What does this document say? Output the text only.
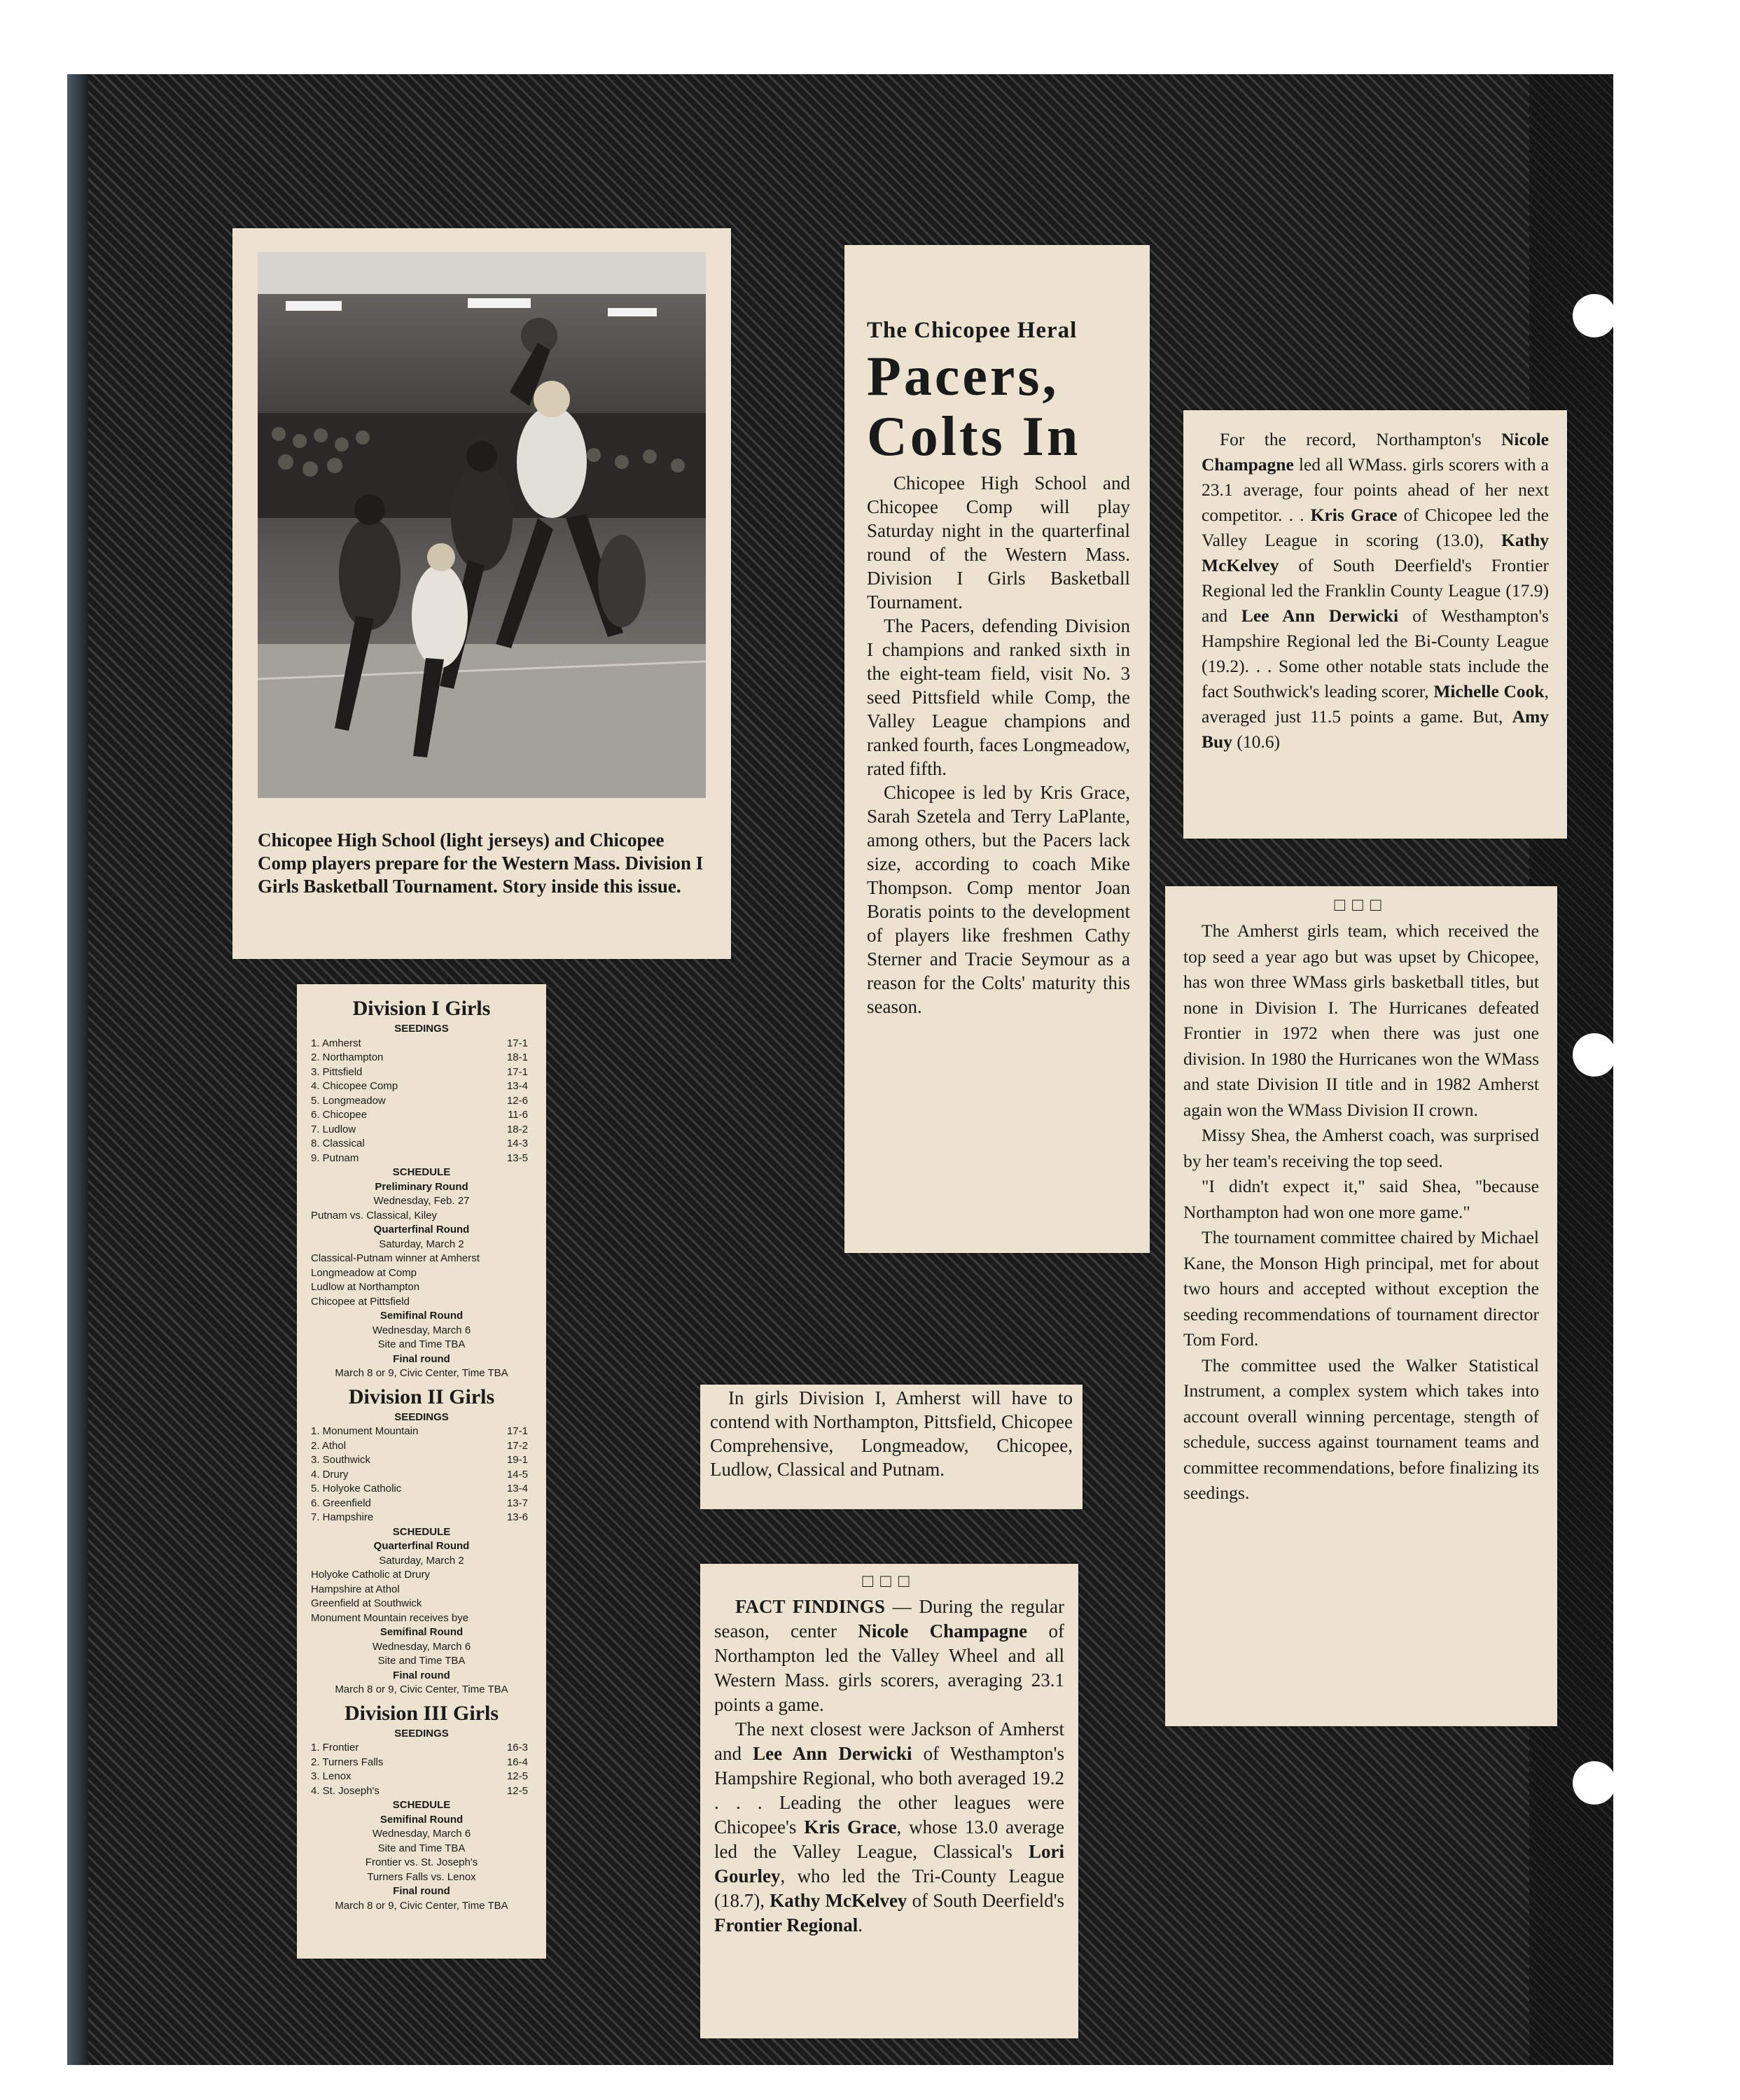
Chicopee High School (light jerseys) and Chicopee Comp players prepare for the Western Mass. Division I Girls Basketball Tournament. Story inside this issue.
The Chicopee Heral
Pacers,
Colts In

Chicopee High School and Chicopee Comp will play Saturday night in the quarterfinal round of the Western Mass. Division I Girls Basketball Tournament.

The Pacers, defending Division I champions and ranked sixth in the eight-team field, visit No. 3 seed Pittsfield while Comp, the Valley League champions and ranked fourth, faces Longmeadow, rated fifth.

Chicopee is led by Kris Grace, Sarah Szetela and Terry LaPlante, among others, but the Pacers lack size, according to coach Mike Thompson. Comp mentor Joan Boratis points to the development of players like freshmen Cathy Sterner and Tracie Seymour as a reason for the Colts' maturity this season.

For the record, Northampton's Nicole Champagne led all WMass. girls scorers with a 23.1 average, four points ahead of her next competitor. . . Kris Grace of Chicopee led the Valley League in scoring (13.0), Kathy McKelvey of South Deerfield's Frontier Regional led the Franklin County League (17.9) and Lee Ann Derwicki of Westhampton's Hampshire Regional led the Bi-County League (19.2). . . Some other notable stats include the fact Southwick's leading scorer, Michelle Cook, averaged just 11.5 points a game. But, Amy Buy (10.6)

□□□

The Amherst girls team, which received the top seed a year ago but was upset by Chicopee, has won three WMass girls basketball titles, but none in Division I. The Hurricanes defeated Frontier in 1972 when there was just one division. In 1980 the Hurricanes won the WMass and state Division II title and in 1982 Amherst again won the WMass Division II crown.

Missy Shea, the Amherst coach, was surprised by her team's receiving the top seed.

"I didn't expect it," said Shea, "because Northampton had won one more game."

The tournament committee chaired by Michael Kane, the Monson High principal, met for about two hours and accepted without exception the seeding recommendations of tournament director Tom Ford.

The committee used the Walker Statistical Instrument, a complex system which takes into account overall winning percentage, stength of schedule, success against tournament teams and committee recommendations, before finalizing its seedings.

Division I Girls
SEEDINGS
1. Amherst	17-1
2. Northampton	18-1
3. Pittsfield	17-1
4. Chicopee Comp	13-4
5. Longmeadow	12-6
6. Chicopee	11-6
7. Ludlow	18-2
8. Classical	14-3
9. Putnam	13-5
SCHEDULE
Preliminary Round
Wednesday, Feb. 27
Putnam vs. Classical, Kiley
Quarterfinal Round
Saturday, March 2
Classical-Putnam winner at Amherst
Longmeadow at Comp
Ludlow at Northampton
Chicopee at Pittsfield
Semifinal Round
Wednesday, March 6
Site and Time TBA
Final round
March 8 or 9, Civic Center, Time TBA
Division II Girls
SEEDINGS
1. Monument Mountain	17-1
2. Athol	17-2
3. Southwick	19-1
4. Drury	14-5
5. Holyoke Catholic	13-4
6. Greenfield	13-7
7. Hampshire	13-6
SCHEDULE
Quarterfinal Round
Saturday, March 2
Holyoke Catholic at Drury
Hampshire at Athol
Greenfield at Southwick
Monument Mountain receives bye
Semifinal Round
Wednesday, March 6
Site and Time TBA
Final round
March 8 or 9, Civic Center, Time TBA
Division III Girls
SEEDINGS
1. Frontier	16-3
2. Turners Falls	16-4
3. Lenox	12-5
4. St. Joseph's	12-5
SCHEDULE
Semifinal Round
Wednesday, March 6
Site and Time TBA
Frontier vs. St. Joseph's
Turners Falls vs. Lenox
Final round
March 8 or 9, Civic Center, Time TBA

In girls Division I, Amherst will have to contend with Northampton, Pittsfield, Chicopee Comprehensive, Longmeadow, Chicopee, Ludlow, Classical and Putnam.

□□□

FACT FINDINGS — During the regular season, center Nicole Champagne of Northampton led the Valley Wheel and all Western Mass. girls scorers, averaging 23.1 points a game.

The next closest were Jackson of Amherst and Lee Ann Derwicki of Westhampton's Hampshire Regional, who both averaged 19.2 . . . Leading the other leagues were Chicopee's Kris Grace, whose 13.0 average led the Valley League, Classical's Lori Gourley, who led the Tri-County League (18.7), Kathy McKelvey of South Deerfield's Frontier Regional.
